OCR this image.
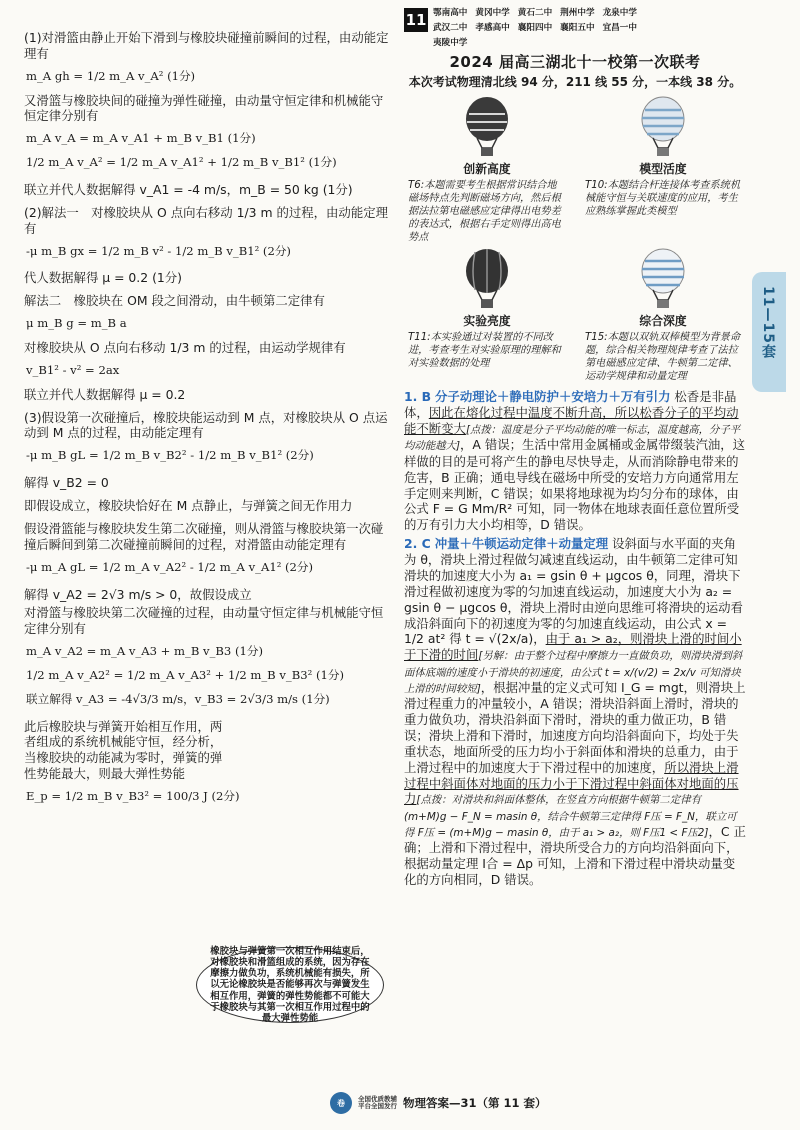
(1)对滑篮由静止开始下滑到与橡胶块碰撞前瞬间的过程，由动能定理有

m_A gh = 1/2 m_A v_A² (1分)

又滑篮与橡胶块间的碰撞为弹性碰撞，由动量守恒定律和机械能守恒定律分别有

m_A v_A = m_A v_A1 + m_B v_B1 (1分)

1/2 m_A v_A² = 1/2 m_A v_A1² + 1/2 m_B v_B1² (1分)

联立并代人数据解得 v_A1 = -4 m/s，m_B = 50 kg (1分)

(2)解法一　对橡胶块从 O 点向右移动 1/3 m 的过程，由动能定理有

-μ m_B gx = 1/2 m_B v² - 1/2 m_B v_B1² (2分)

代人数据解得 μ = 0.2 (1分)

解法二　橡胶块在 OM 段之间滑动，由牛顿第二定律有

μ m_B g = m_B a

对橡胶块从 O 点向右移动 1/3 m 的过程，由运动学规律有

v_B1² - v² = 2ax

联立并代人数据解得 μ = 0.2

(3)假设第一次碰撞后，橡胶块能运动到 M 点，对橡胶块从 O 点运动到 M 点的过程，由动能定理有

-μ m_B gL = 1/2 m_B v_B2² - 1/2 m_B v_B1² (2分)

解得 v_B2 = 0

即假设成立，橡胶块恰好在 M 点静止，与弹簧之间无作用力

假设滑篮能与橡胶块发生第二次碰撞，则从滑篮与橡胶块第一次碰撞后瞬间到第二次碰撞前瞬间的过程，对滑篮由动能定理有

-μ m_A gL = 1/2 m_A v_A2² - 1/2 m_A v_A1² (2分)

解得 v_A2 = 2√3 m/s > 0，故假设成立

对滑篮与橡胶块第二次碰撞的过程，由动量守恒定律与机械能守恒定律分别有

m_A v_A2 = m_A v_A3 + m_B v_B3 (1分)

1/2 m_A v_A2² = 1/2 m_A v_A3² + 1/2 m_B v_B3² (1分)

联立解得 v_A3 = -4√3/3 m/s，v_B3 = 2√3/3 m/s (1分)

此后橡胶块与弹簧开始相互作用，两者组成的系统机械能守恒，经分析，当橡胶块的动能减为零时，弹簧的弹性势能最大，则最大弹性势能

E_p = 1/2 m_B v_B3² = 100/3 J (2分)

橡胶块与弹簧第一次相互作用结束后，对橡胶块和滑篮组成的系统，因为存在摩擦力做负功，系统机械能有损失，所以无论橡胶块是否能够再次与弹簧发生相互作用，弹簧的弹性势能都不可能大于橡胶块与其第一次相互作用过程中的最大弹性势能
11 鄂南高中 黄冈中学 黄石二中 荆州中学 龙泉中学
武汉二中 孝感高中 襄阳四中 襄阳五中 宜昌一中
夷陵中学
2024 届高三湖北十一校第一次联考
本次考试物理清北线 94 分，211 线 55 分，一本线 38 分。
创新高度
T6:本题需要考生根据常识结合地磁场特点先判断磁场方向，然后根据法拉第电磁感应定律得出电势差的表达式，根据右手定则得出高电势点
模型活度
T10:本题结合杆连接体考查系统机械能守恒与关联速度的应用，考生应熟练掌握此类模型
实验亮度
T11:本实验通过对装置的不同改进，考查考生对实验原理的理解和对实验数据的处理
综合深度
T15:本题以双轨双棒模型为背景命题，综合相关物理规律考查了法拉第电磁感应定律、牛顿第二定律、运动学规律和动量定理
1. B 分子动理论＋静电防护＋安培力＋万有引力 松香是非晶体，因此在熔化过程中温度不断升高，所以松香分子的平均动能不断变大[点拨：温度是分子平均动能的唯一标志，温度越高，分子平均动能越大]，A 错误；生活中常用金属桶或金属带缀装汽油，这样做的目的是可将产生的静电尽快导走，从而消除静电带来的危害，B 正确；通电导线在磁场中所受的安培力方向通常用左手定则来判断，C 错误；如果将地球视为均匀分布的球体，由公式 F = G Mm/R² 可知，同一物体在地球表面任意位置所受的万有引力大小均相等，D 错误。
2. C 冲量＋牛顿运动定律＋动量定理 设斜面与水平面的夹角为 θ，滑块上滑过程做匀减速直线运动，由牛顿第二定律可知滑块的加速度大小为 a₁ = gsin θ + μgcos θ，同理，滑块下滑过程做初速度为零的匀加速直线运动，加速度大小为 a₂ = gsin θ − μgcos θ，滑块上滑时由逆向思维可将滑块的运动看成沿斜面向下的初速度为零的匀加速直线运动，由公式 x = 1/2 at² 得 t = √(2x/a)，由于 a₁ > a₂，则滑块上滑的时间小于下滑的时间[另解：由于整个过程中摩擦力一直做负功，则滑块滑到斜面体底端的速度小于滑块的初速度，由公式 t = x/(v/2) = 2x/v 可知滑块上滑的时间较短]，根据冲量的定义式可知 I_G = mgt，则滑块上滑过程重力的冲量较小，A 错误；滑块沿斜面上滑时，滑块的重力做负功，滑块沿斜面下滑时，滑块的重力做正功，B 错误；滑块上滑和下滑时，加速度方向均沿斜面向下，均处于失重状态，地面所受的压力均小于斜面体和滑块的总重力，由于上滑过程中的加速度大于下滑过程中的加速度，所以滑块上滑过程中斜面体对地面的压力小于下滑过程中斜面体对地面的压力[点拨：对滑块和斜面体整体，在竖直方向根据牛顿第二定律有 (m+M)g − F_N = masin θ，结合牛顿第三定律得 F压 = F_N，联立可得 F压 = (m+M)g − masin θ，由于 a₁ > a₂，则 F压1 < F压2]，C 正确；上滑和下滑过程中，滑块所受合力的方向均沿斜面向下，根据动量定理 I合 = Δp 可知，上滑和下滑过程中滑块动量变化的方向相同，D 错误。
11—15套
卷	全国优质教辅
平台全国发行 物理答案—31（第 11 套）
